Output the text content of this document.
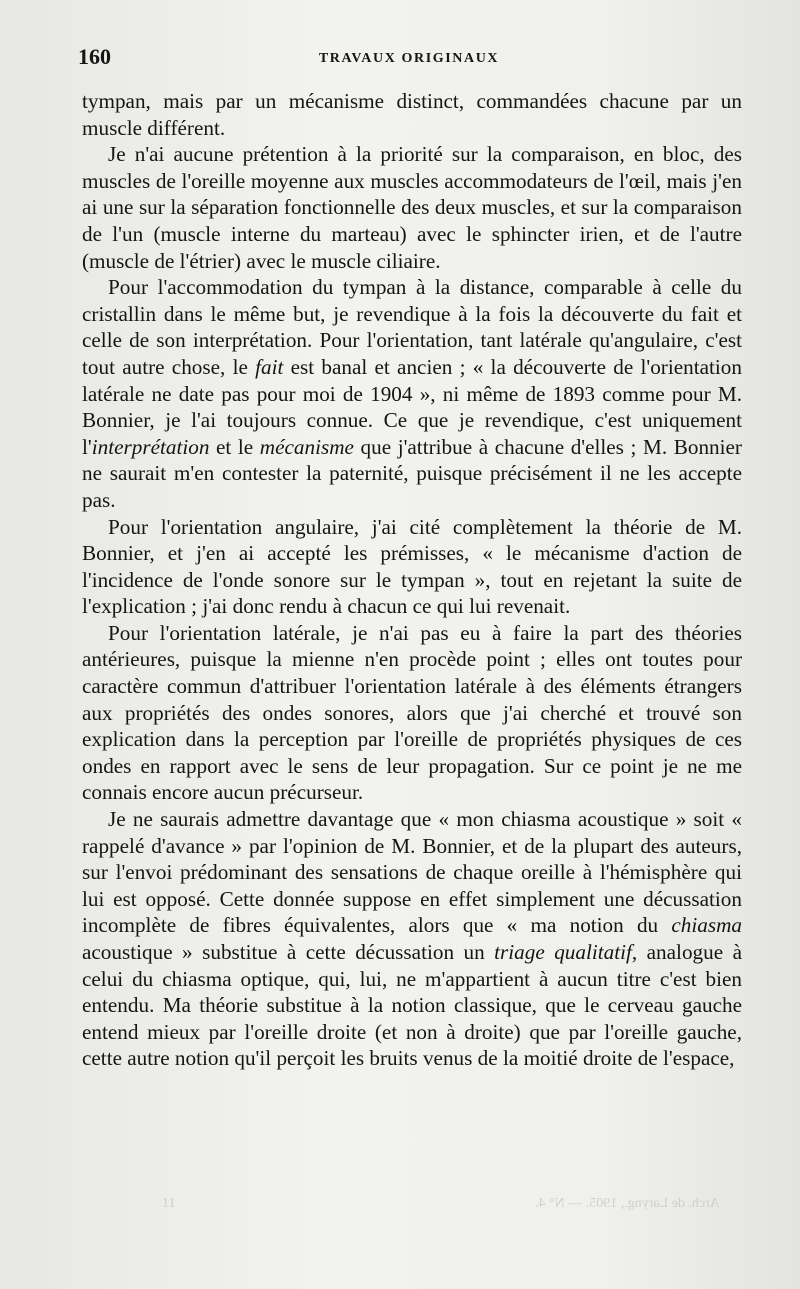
160	TRAVAUX ORIGINAUX

tympan, mais par un mécanisme distinct, commandées chacune par un muscle différent.

Je n'ai aucune prétention à la priorité sur la comparaison, en bloc, des muscles de l'oreille moyenne aux muscles accommodateurs de l'œil, mais j'en ai une sur la séparation fonctionnelle des deux muscles, et sur la comparaison de l'un (muscle interne du marteau) avec le sphincter irien, et de l'autre (muscle de l'étrier) avec le muscle ciliaire.

Pour l'accommodation du tympan à la distance, comparable à celle du cristallin dans le même but, je revendique à la fois la découverte du fait et celle de son interprétation. Pour l'orientation, tant latérale qu'angulaire, c'est tout autre chose, le fait est banal et ancien ; « la découverte de l'orientation latérale ne date pas pour moi de 1904 », ni même de 1893 comme pour M. Bonnier, je l'ai toujours connue. Ce que je revendique, c'est uniquement l'interprétation et le mécanisme que j'attribue à chacune d'elles ; M. Bonnier ne saurait m'en contester la paternité, puisque précisément il ne les accepte pas.

Pour l'orientation angulaire, j'ai cité complètement la théorie de M. Bonnier, et j'en ai accepté les prémisses, « le mécanisme d'action de l'incidence de l'onde sonore sur le tympan », tout en rejetant la suite de l'explication ; j'ai donc rendu à chacun ce qui lui revenait.

Pour l'orientation latérale, je n'ai pas eu à faire la part des théories antérieures, puisque la mienne n'en procède point ; elles ont toutes pour caractère commun d'attribuer l'orientation latérale à des éléments étrangers aux propriétés des ondes sonores, alors que j'ai cherché et trouvé son explication dans la perception par l'oreille de propriétés physiques de ces ondes en rapport avec le sens de leur propagation. Sur ce point je ne me connais encore aucun précurseur.

Je ne saurais admettre davantage que « mon chiasma acoustique » soit « rappelé d'avance » par l'opinion de M. Bonnier, et de la plupart des auteurs, sur l'envoi prédominant des sensations de chaque oreille à l'hémisphère qui lui est opposé. Cette donnée suppose en effet simplement une décussation incomplète de fibres équivalentes, alors que « ma notion du chiasma acoustique » substitue à cette décussation un triage qualitatif, analogue à celui du chiasma optique, qui, lui, ne m'appartient à aucun titre c'est bien entendu. Ma théorie substitue à la notion classique, que le cerveau gauche entend mieux par l'oreille droite (et non à droite) que par l'oreille gauche, cette autre notion qu'il perçoit les bruits venus de la moitié droite de l'espace,

11	Arch. de Laryng., 1905. — N° 4.
